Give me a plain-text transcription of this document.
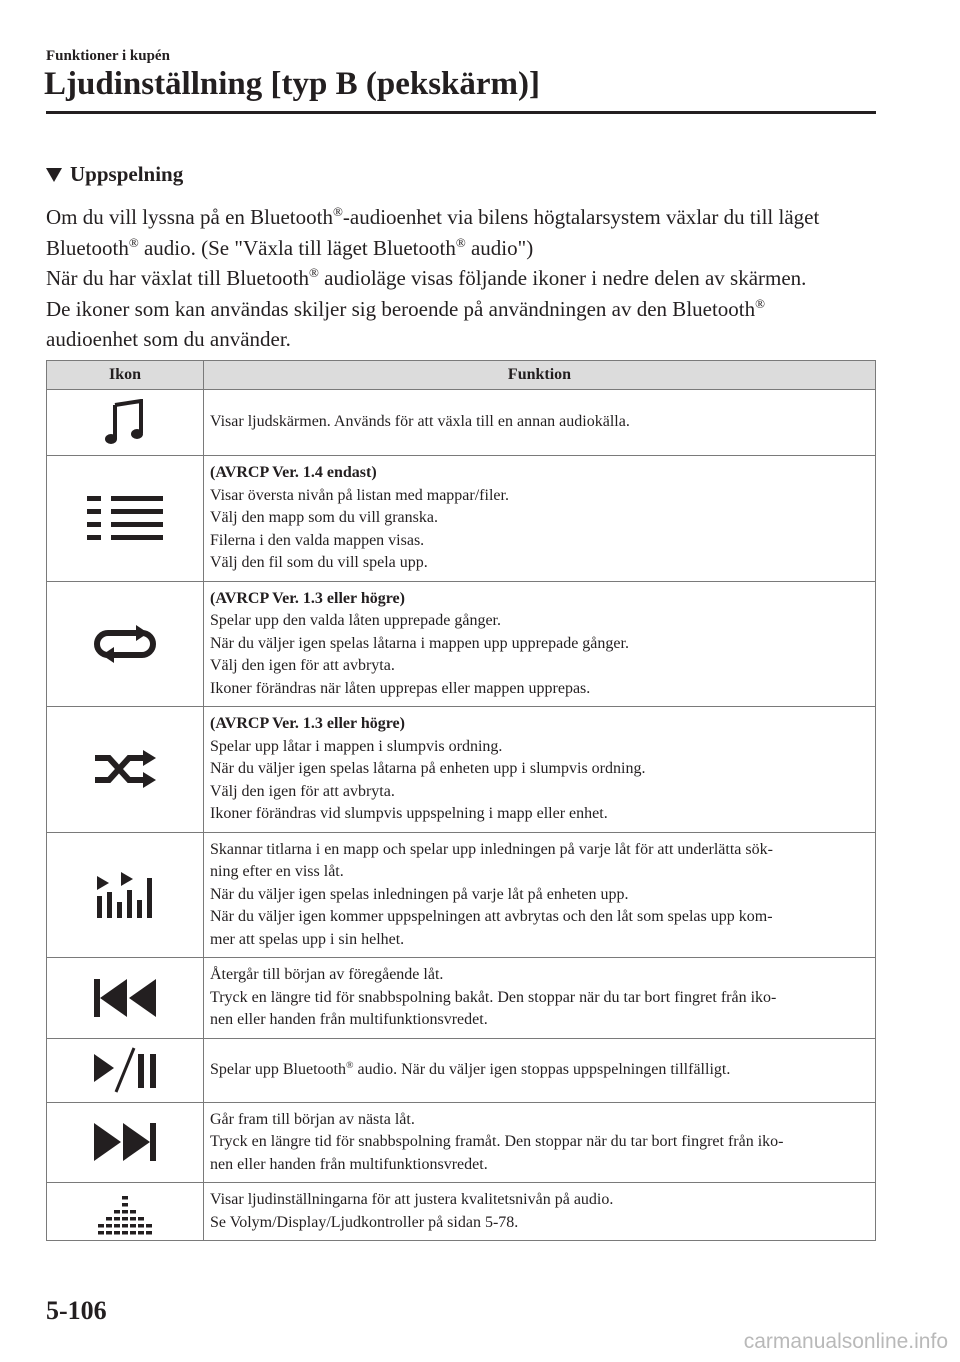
Funktioner i kupén
Ljudinställning [typ B (pekskärm)]
Uppspelning

Om du vill lyssna på en Bluetooth®-audioenhet via bilens högtalarsystem växlar du till läget

Bluetooth® audio. (Se "Växla till läget Bluetooth® audio")

När du har växlat till Bluetooth® audioläge visas följande ikoner i nedre delen av skärmen.

De ikoner som kan användas skiljer sig beroende på användningen av den Bluetooth®

audioenhet som du använder.

Ikon	Funktion

Visar ljudskärmen. Används för att växla till en annan audiokälla.

(AVRCP Ver. 1.4 endast)
Visar översta nivån på listan med mappar/filer.
Välj den mapp som du vill granska.
Filerna i den valda mappen visas.
Välj den fil som du vill spela upp.

(AVRCP Ver. 1.3 eller högre)
Spelar upp den valda låten upprepade gånger.
När du väljer igen spelas låtarna i mappen upp upprepade gånger.
Välj den igen för att avbryta.
Ikoner förändras när låten upprepas eller mappen upprepas.

(AVRCP Ver. 1.3 eller högre)
Spelar upp låtar i mappen i slumpvis ordning.
När du väljer igen spelas låtarna på enheten upp i slumpvis ordning.
Välj den igen för att avbryta.
Ikoner förändras vid slumpvis uppspelning i mapp eller enhet.

Skannar titlarna i en mapp och spelar upp inledningen på varje låt för att underlätta sök-
ning efter en viss låt.
När du väljer igen spelas inledningen på varje låt på enheten upp.
När du väljer igen kommer uppspelningen att avbrytas och den låt som spelas upp kom-
mer att spelas upp i sin helhet.

Återgår till början av föregående låt.
Tryck en längre tid för snabbspolning bakåt. Den stoppar när du tar bort fingret från iko-
nen eller handen från multifunktionsvredet.

Spelar upp Bluetooth® audio. När du väljer igen stoppas uppspelningen tillfälligt.

Går fram till början av nästa låt.
Tryck en längre tid för snabbspolning framåt. Den stoppar när du tar bort fingret från iko-
nen eller handen från multifunktionsvredet.

Visar ljudinställningarna för att justera kvalitetsnivån på audio.
Se Volym/Display/Ljudkontroller på sidan 5-78.
5-106
carmanualsonline.info
